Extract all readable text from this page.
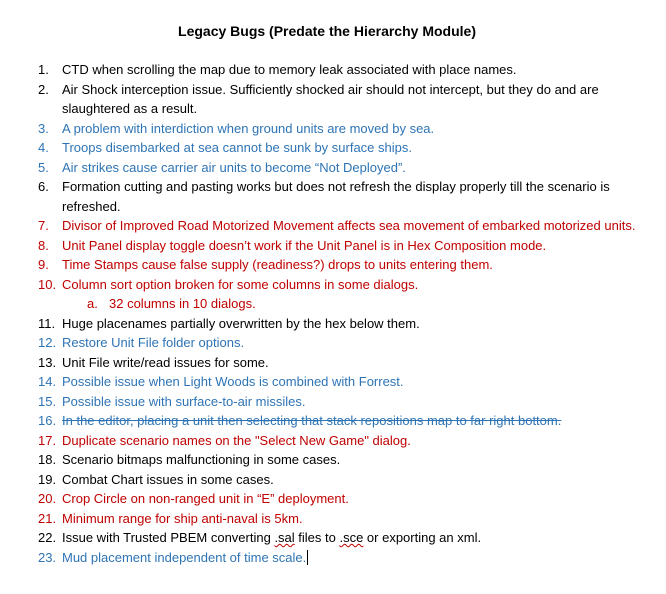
Legacy Bugs (Predate the Hierarchy Module)
1. CTD when scrolling the map due to memory leak associated with place names.
2. Air Shock interception issue. Sufficiently shocked air should not intercept, but they do and are slaughtered as a result.
3. A problem with interdiction when ground units are moved by sea.
4. Troops disembarked at sea cannot be sunk by surface ships.
5. Air strikes cause carrier air units to become “Not Deployed”.
6. Formation cutting and pasting works but does not refresh the display properly till the scenario is refreshed.
7. Divisor of Improved Road Motorized Movement affects sea movement of embarked motorized units.
8. Unit Panel display toggle doesn’t work if the Unit Panel is in Hex Composition mode.
9. Time Stamps cause false supply (readiness?) drops to units entering them.
10. Column sort option broken for some columns in some dialogs.
a. 32 columns in 10 dialogs.
11. Huge placenames partially overwritten by the hex below them.
12. Restore Unit File folder options.
13. Unit File write/read issues for some.
14. Possible issue when Light Woods is combined with Forrest.
15. Possible issue with surface-to-air missiles.
16. In the editor, placing a unit then selecting that stack repositions map to far right bottom.
17. Duplicate scenario names on the "Select New Game" dialog.
18. Scenario bitmaps malfunctioning in some cases.
19. Combat Chart issues in some cases.
20. Crop Circle on non-ranged unit in “E” deployment.
21. Minimum range for ship anti-naval is 5km.
22. Issue with Trusted PBEM converting .sal files to .sce or exporting an xml.
23. Mud placement independent of time scale.
